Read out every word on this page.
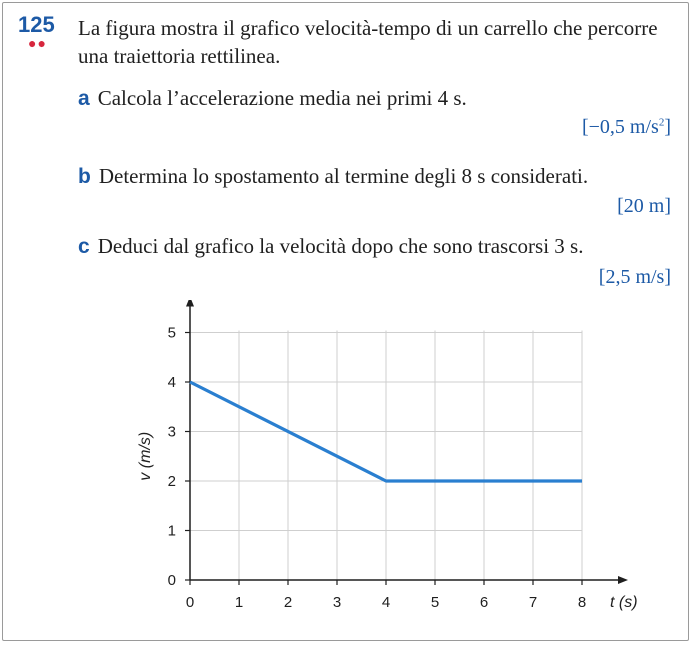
125
●●
La figura mostra il grafico velocità-tempo di un carrello che percorre una traiettoria rettilinea.
a Calcola l’accelerazione media nei primi 4 s.
[−0,5 $m/s^2$]
b Determina lo spostamento al termine degli 8 s considerati.
[20 m]
c Deduci dal grafico la velocità dopo che sono trascorsi 3 s.
[2,5 m/s]
0	1	2	3	4	5	6	7	8
0
1
2
3
4
5
t (s)
v (m/s)
